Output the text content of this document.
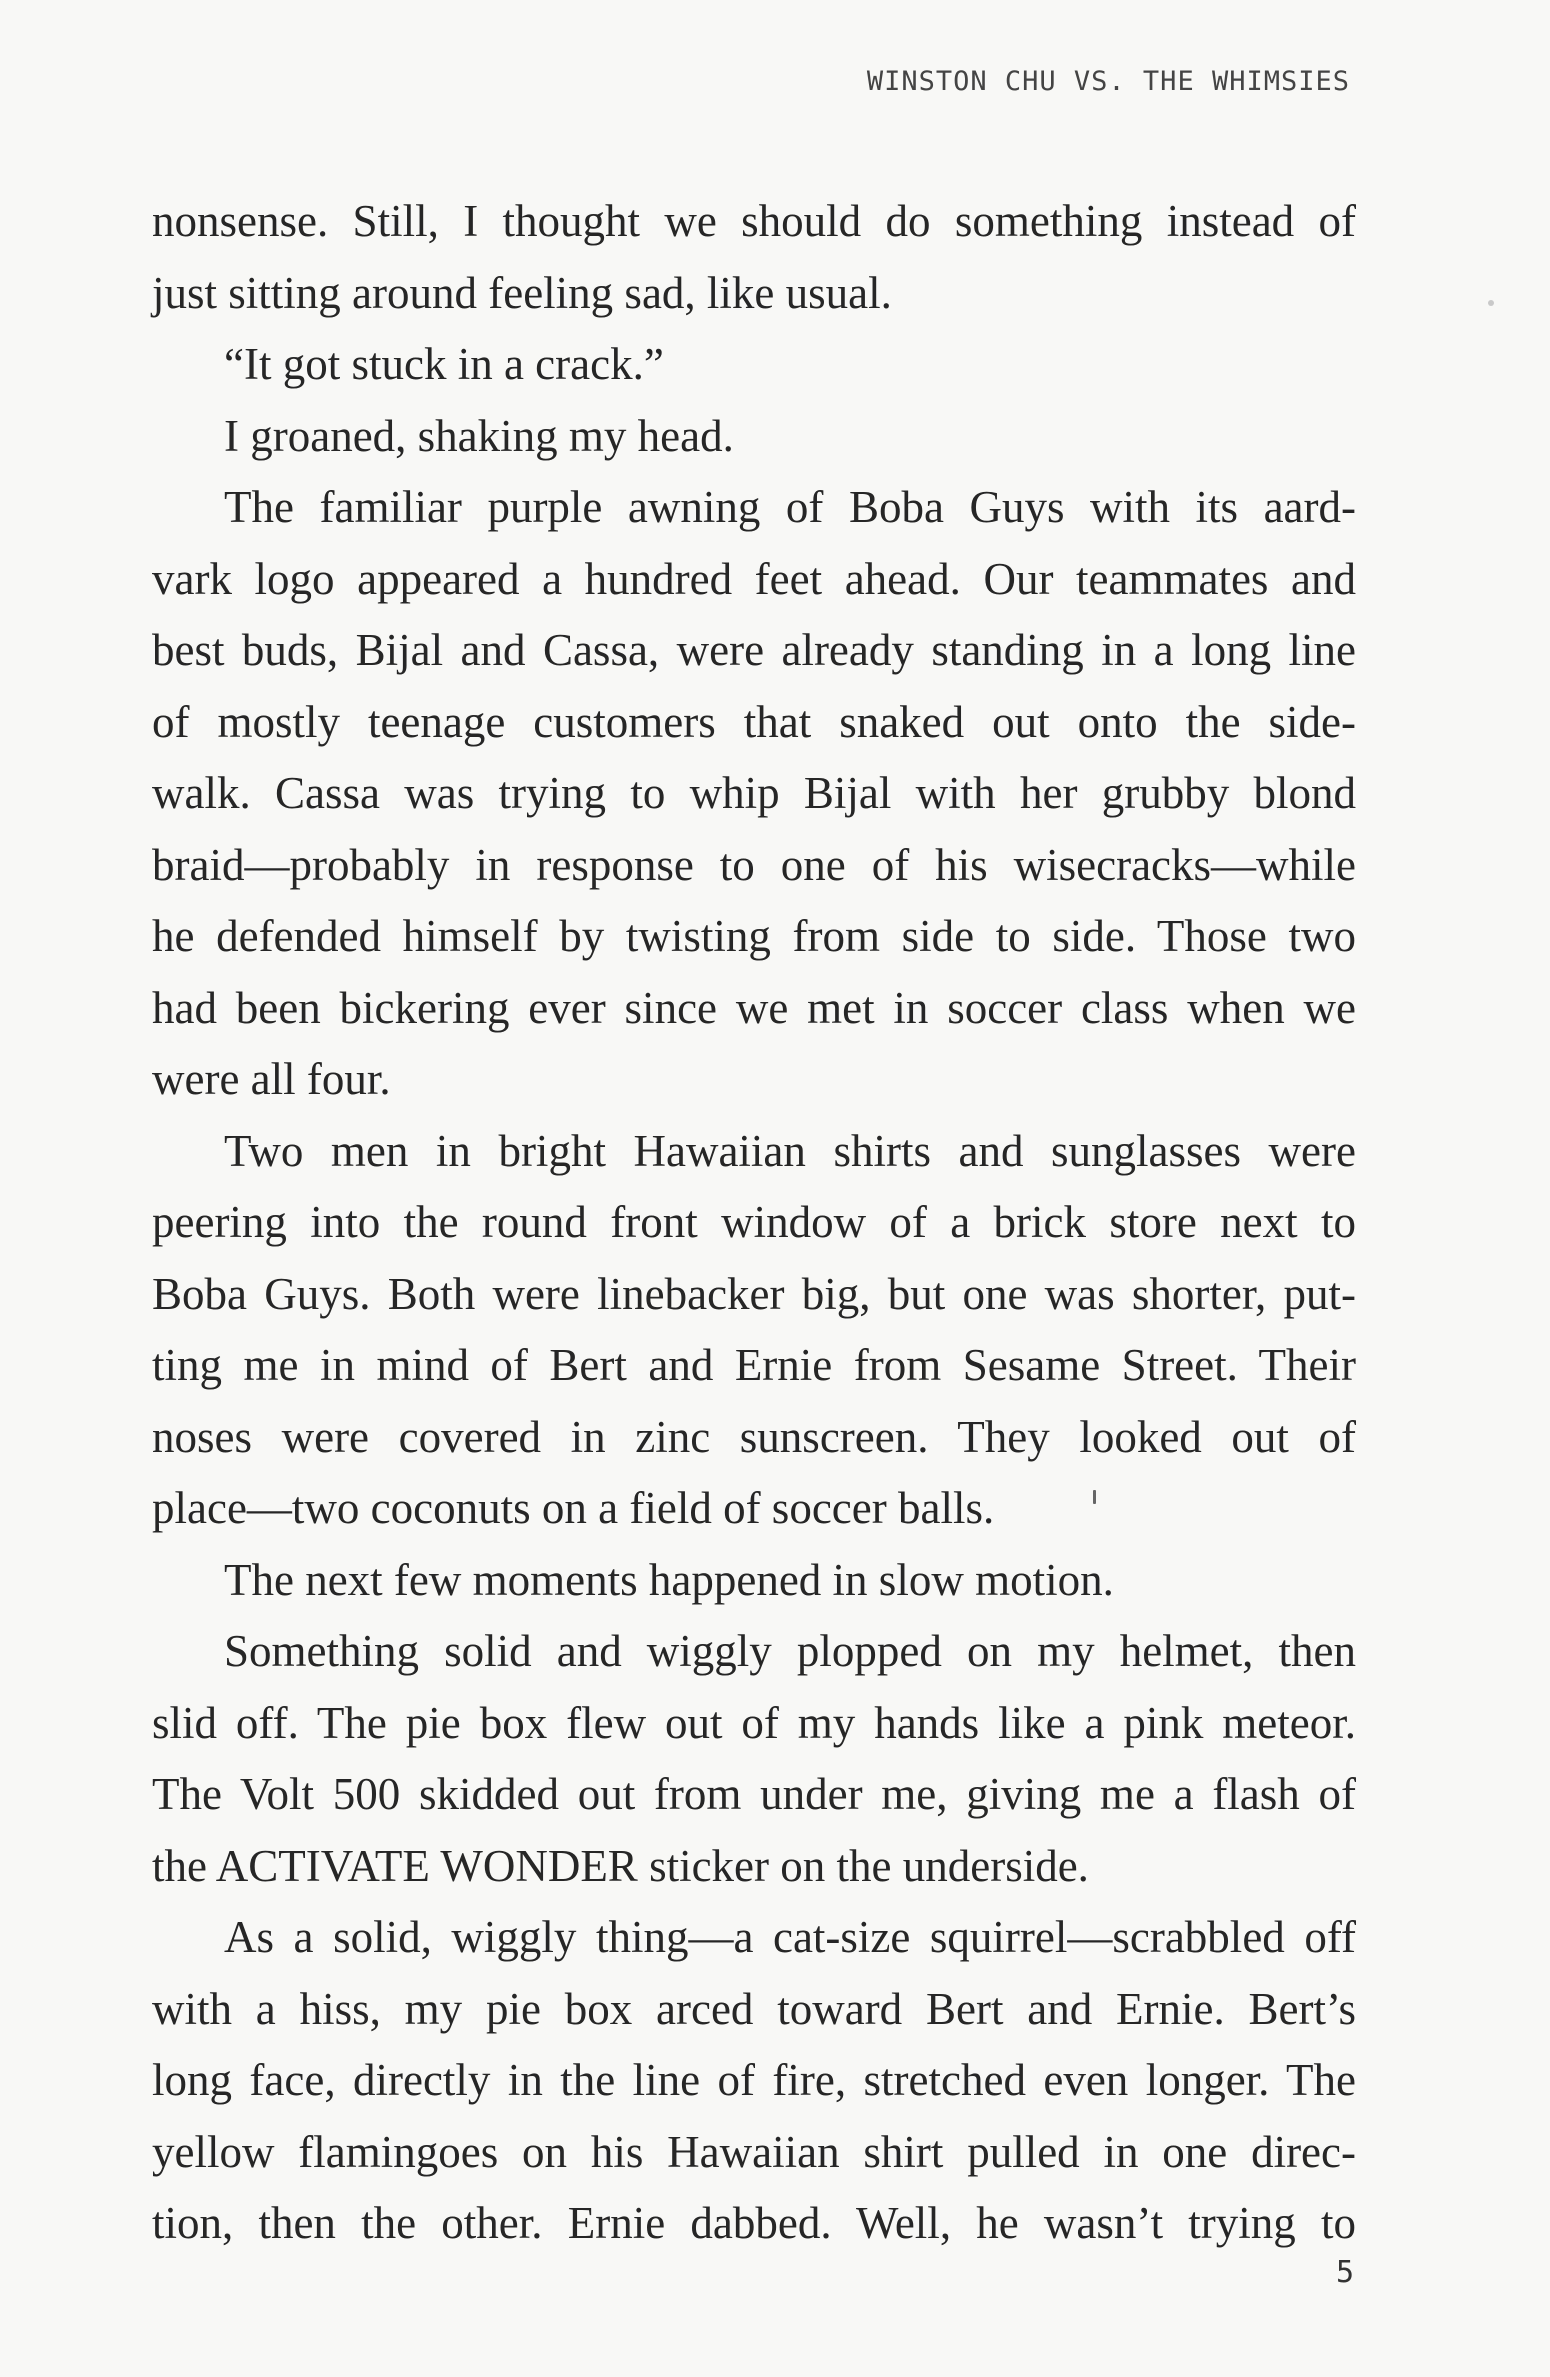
WINSTON CHU VS. THE WHIMSIES
nonsense. Still, I thought we should do something instead of
just sitting around feeling sad, like usual.
“It got stuck in a crack.”
I groaned, shaking my head.
The familiar purple awning of Boba Guys with its aard-
vark logo appeared a hundred feet ahead. Our teammates and
best buds, Bijal and Cassa, were already standing in a long line
of mostly teenage customers that snaked out onto the side-
walk. Cassa was trying to whip Bijal with her grubby blond
braid—probably in response to one of his wisecracks—while
he defended himself by twisting from side to side. Those two
had been bickering ever since we met in soccer class when we
were all four.
Two men in bright Hawaiian shirts and sunglasses were
peering into the round front window of a brick store next to
Boba Guys. Both were linebacker big, but one was shorter, put-
ting me in mind of Bert and Ernie from Sesame Street. Their
noses were covered in zinc sunscreen. They looked out of
place—two coconuts on a field of soccer balls.
The next few moments happened in slow motion.
Something solid and wiggly plopped on my helmet, then
slid off. The pie box flew out of my hands like a pink meteor.
The Volt 500 skidded out from under me, giving me a flash of
the ACTIVATE WONDER sticker on the underside.
As a solid, wiggly thing—a cat-size squirrel—scrabbled off
with a hiss, my pie box arced toward Bert and Ernie. Bert’s
long face, directly in the line of fire, stretched even longer. The
yellow flamingoes on his Hawaiian shirt pulled in one direc-
tion, then the other. Ernie dabbed. Well, he wasn’t trying to
5
